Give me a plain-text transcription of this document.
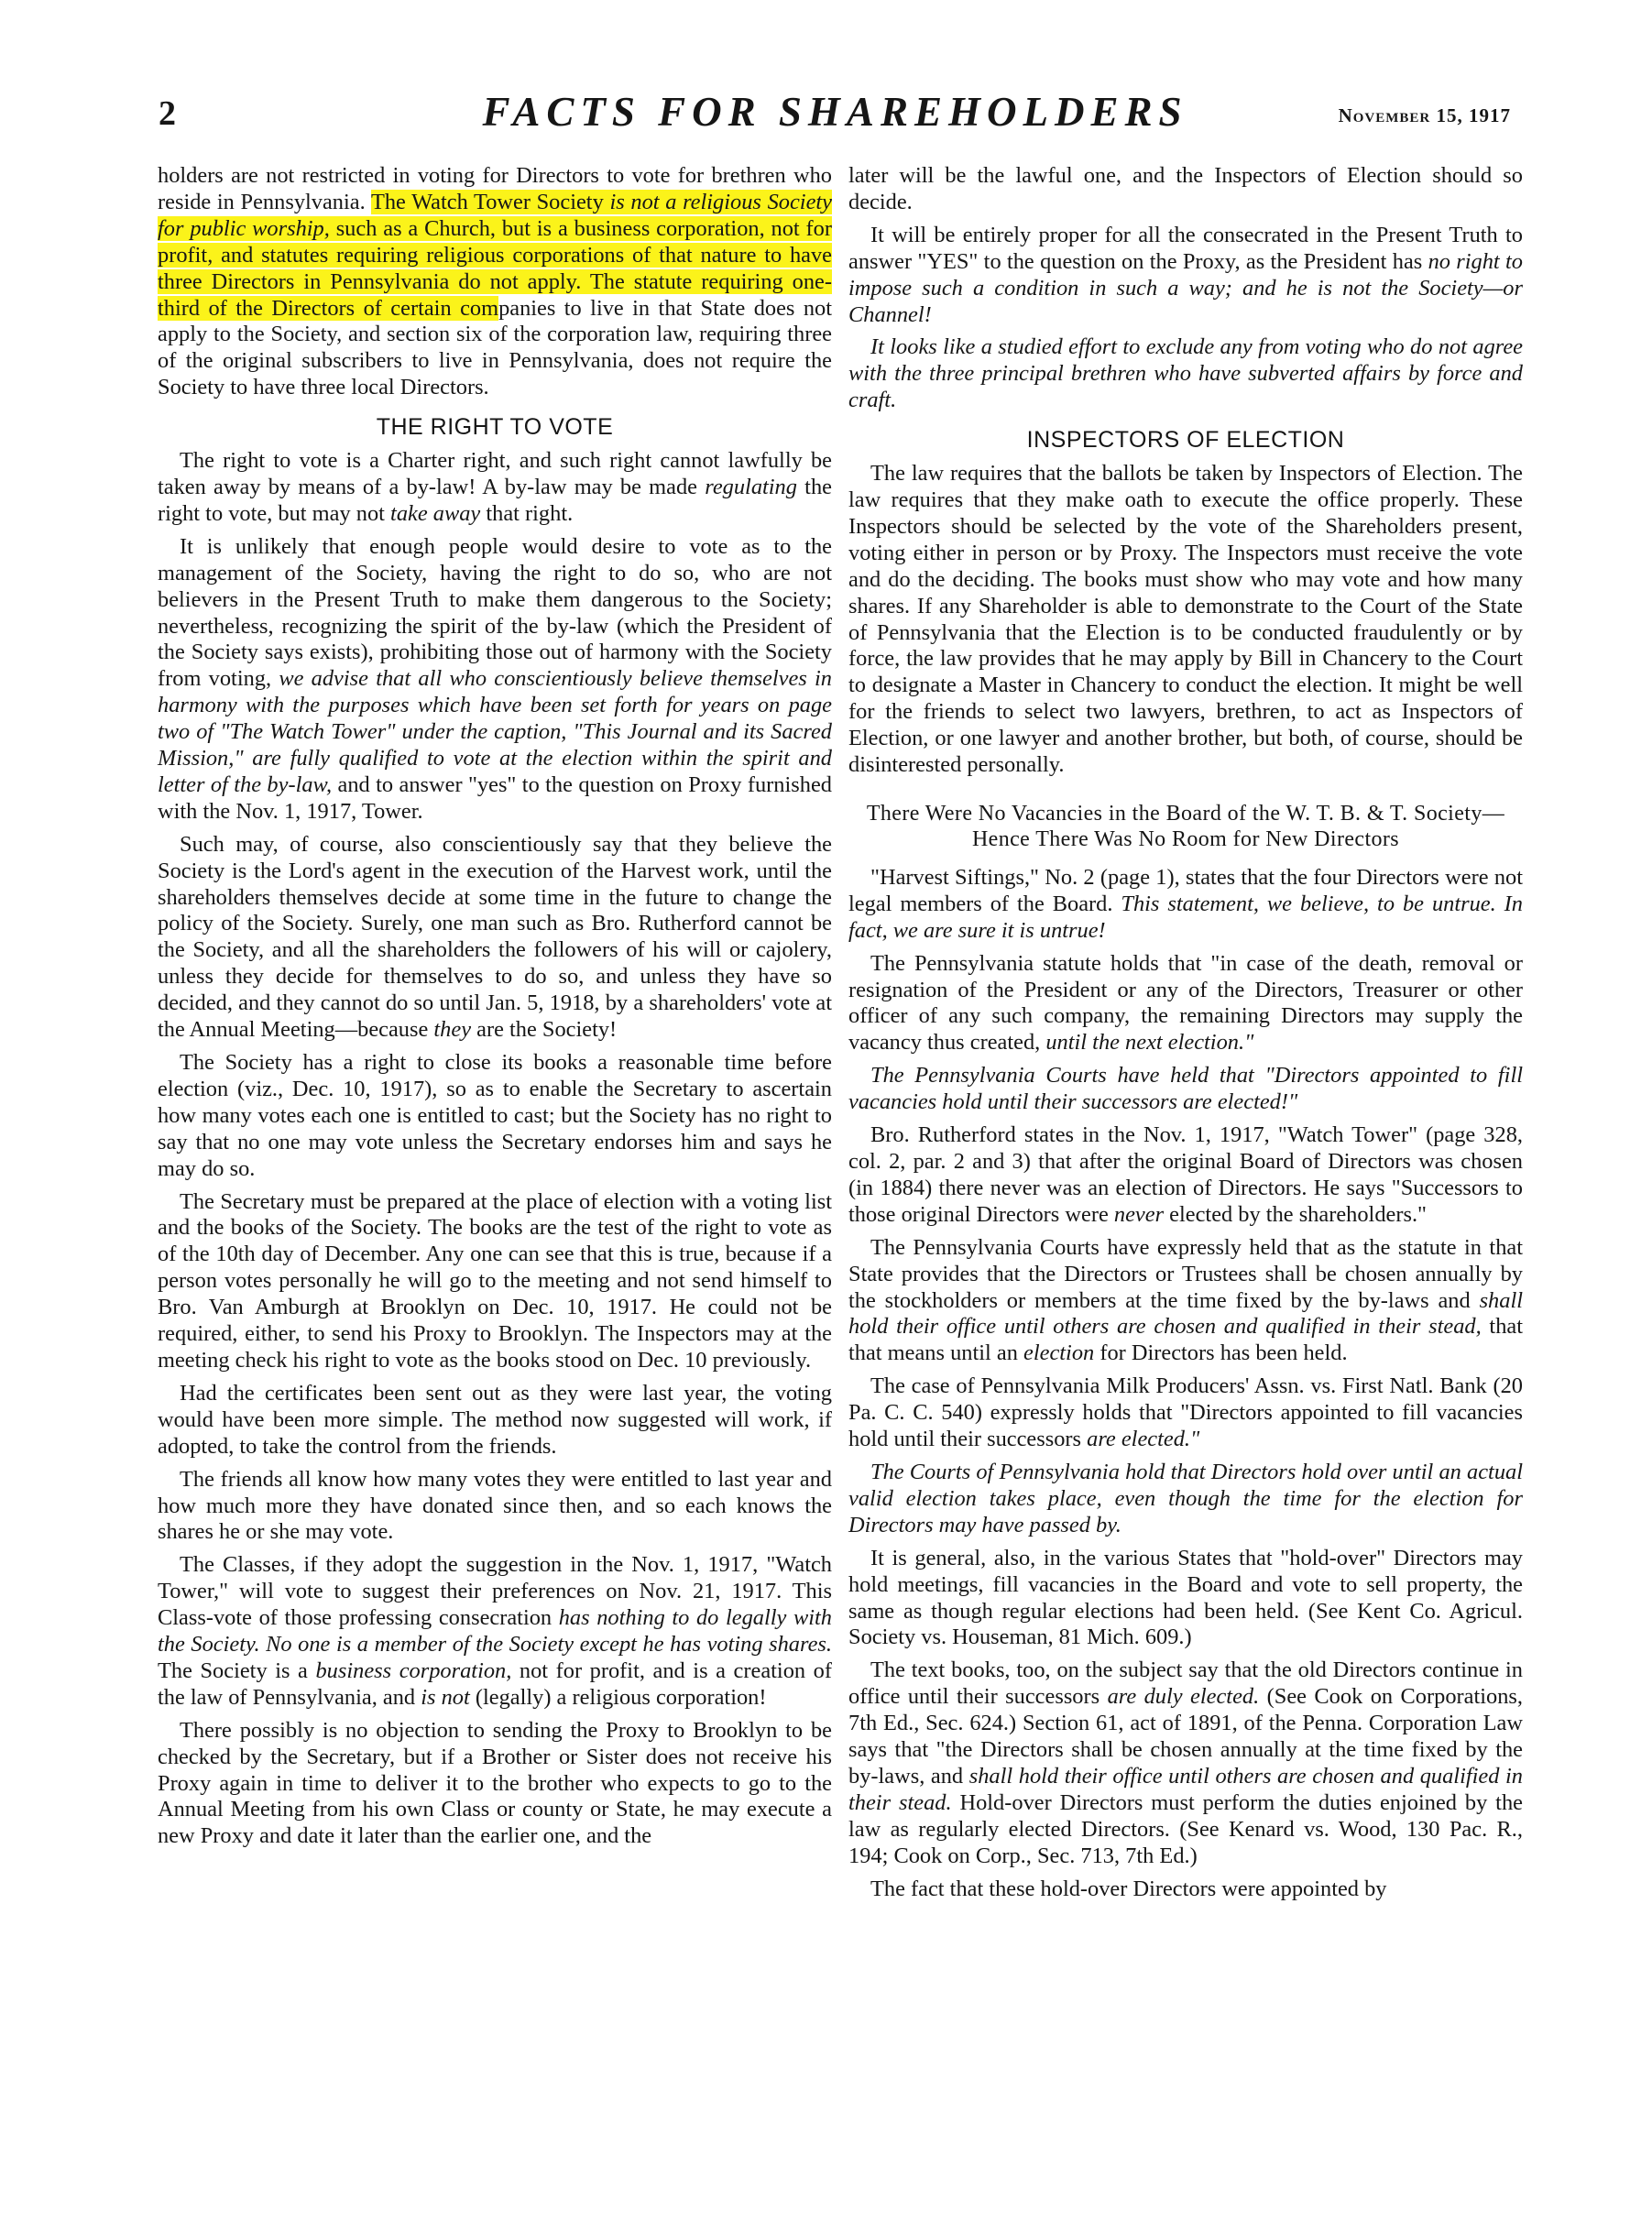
2	FACTS FOR SHAREHOLDERS	November 15, 1917

holders are not restricted in voting for Directors to vote for brethren who reside in Pennsylvania. The Watch Tower Society is not a religious Society for public worship, such as a Church, but is a business corporation, not for profit, and statutes requiring religious corporations of that nature to have three Directors in Pennsylvania do not apply. The statute requiring one-third of the Directors of certain companies to live in that State does not apply to the Society, and section six of the corporation law, requiring three of the original subscribers to live in Pennsylvania, does not require the Society to have three local Directors.

THE RIGHT TO VOTE

The right to vote is a Charter right, and such right cannot lawfully be taken away by means of a by-law! A by-law may be made regulating the right to vote, but may not take away that right.

It is unlikely that enough people would desire to vote as to the management of the Society, having the right to do so, who are not believers in the Present Truth to make them dangerous to the Society; nevertheless, recognizing the spirit of the by-law (which the President of the Society says exists), prohibiting those out of harmony with the Society from voting, we advise that all who conscientiously believe themselves in harmony with the purposes which have been set forth for years on page two of "The Watch Tower" under the caption, "This Journal and its Sacred Mission," are fully qualified to vote at the election within the spirit and letter of the by-law, and to answer "yes" to the question on Proxy furnished with the Nov. 1, 1917, Tower.

Such may, of course, also conscientiously say that they believe the Society is the Lord's agent in the execution of the Harvest work, until the shareholders themselves decide at some time in the future to change the policy of the Society. Surely, one man such as Bro. Rutherford cannot be the Society, and all the shareholders the followers of his will or cajolery, unless they decide for themselves to do so, and unless they have so decided, and they cannot do so until Jan. 5, 1918, by a shareholders' vote at the Annual Meeting—because they are the Society!

The Society has a right to close its books a reasonable time before election (viz., Dec. 10, 1917), so as to enable the Secretary to ascertain how many votes each one is entitled to cast; but the Society has no right to say that no one may vote unless the Secretary endorses him and says he may do so.

The Secretary must be prepared at the place of election with a voting list and the books of the Society. The books are the test of the right to vote as of the 10th day of December. Any one can see that this is true, because if a person votes personally he will go to the meeting and not send himself to Bro. Van Amburgh at Brooklyn on Dec. 10, 1917. He could not be required, either, to send his Proxy to Brooklyn. The Inspectors may at the meeting check his right to vote as the books stood on Dec. 10 previously.

Had the certificates been sent out as they were last year, the voting would have been more simple. The method now suggested will work, if adopted, to take the control from the friends.

The friends all know how many votes they were entitled to last year and how much more they have donated since then, and so each knows the shares he or she may vote.

The Classes, if they adopt the suggestion in the Nov. 1, 1917, "Watch Tower," will vote to suggest their preferences on Nov. 21, 1917. This Class-vote of those professing consecration has nothing to do legally with the Society. No one is a member of the Society except he has voting shares. The Society is a business corporation, not for profit, and is a creation of the law of Pennsylvania, and is not (legally) a religious corporation!

There possibly is no objection to sending the Proxy to Brooklyn to be checked by the Secretary, but if a Brother or Sister does not receive his Proxy again in time to deliver it to the brother who expects to go to the Annual Meeting from his own Class or county or State, he may execute a new Proxy and date it later than the earlier one, and the

later will be the lawful one, and the Inspectors of Election should so decide.

It will be entirely proper for all the consecrated in the Present Truth to answer "YES" to the question on the Proxy, as the President has no right to impose such a condition in such a way; and he is not the Society—or Channel!

It looks like a studied effort to exclude any from voting who do not agree with the three principal brethren who have subverted affairs by force and craft.

INSPECTORS OF ELECTION

The law requires that the ballots be taken by Inspectors of Election. The law requires that they make oath to execute the office properly. These Inspectors should be selected by the vote of the Shareholders present, voting either in person or by Proxy. The Inspectors must receive the vote and do the deciding. The books must show who may vote and how many shares. If any Shareholder is able to demonstrate to the Court of the State of Pennsylvania that the Election is to be conducted fraudulently or by force, the law provides that he may apply by Bill in Chancery to the Court to designate a Master in Chancery to conduct the election. It might be well for the friends to select two lawyers, brethren, to act as Inspectors of Election, or one lawyer and another brother, but both, of course, should be disinterested personally.

There Were No Vacancies in the Board of the W. T. B. & T. Society—Hence There Was No Room for New Directors

"Harvest Siftings," No. 2 (page 1), states that the four Directors were not legal members of the Board. This statement, we believe, to be untrue. In fact, we are sure it is untrue!

The Pennsylvania statute holds that "in case of the death, removal or resignation of the President or any of the Directors, Treasurer or other officer of any such company, the remaining Directors may supply the vacancy thus created, until the next election."

The Pennsylvania Courts have held that "Directors appointed to fill vacancies hold until their successors are elected!"

Bro. Rutherford states in the Nov. 1, 1917, "Watch Tower" (page 328, col. 2, par. 2 and 3) that after the original Board of Directors was chosen (in 1884) there never was an election of Directors. He says "Successors to those original Directors were never elected by the shareholders."

The Pennsylvania Courts have expressly held that as the statute in that State provides that the Directors or Trustees shall be chosen annually by the stockholders or members at the time fixed by the by-laws and shall hold their office until others are chosen and qualified in their stead, that that means until an election for Directors has been held.

The case of Pennsylvania Milk Producers' Assn. vs. First Natl. Bank (20 Pa. C. C. 540) expressly holds that "Directors appointed to fill vacancies hold until their successors are elected."

The Courts of Pennsylvania hold that Directors hold over until an actual valid election takes place, even though the time for the election for Directors may have passed by.

It is general, also, in the various States that "hold-over" Directors may hold meetings, fill vacancies in the Board and vote to sell property, the same as though regular elections had been held. (See Kent Co. Agricul. Society vs. Houseman, 81 Mich. 609.)

The text books, too, on the subject say that the old Directors continue in office until their successors are duly elected. (See Cook on Corporations, 7th Ed., Sec. 624.) Section 61, act of 1891, of the Penna. Corporation Law says that "the Directors shall be chosen annually at the time fixed by the by-laws, and shall hold their office until others are chosen and qualified in their stead. Hold-over Directors must perform the duties enjoined by the law as regularly elected Directors. (See Kenard vs. Wood, 130 Pac. R., 194; Cook on Corp., Sec. 713, 7th Ed.)

The fact that these hold-over Directors were appointed by
